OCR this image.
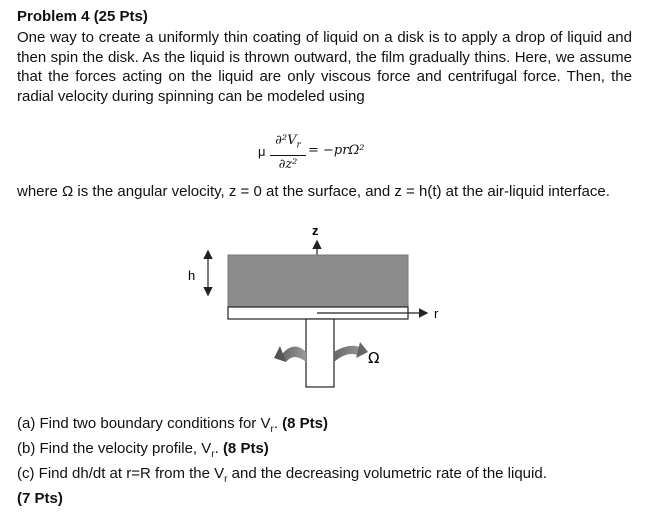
Problem 4 (25 Pts)
One way to create a uniformly thin coating of liquid on a disk is to apply a drop of liquid and then spin the disk. As the liquid is thrown outward, the film gradually thins. Here, we assume that the forces acting on the liquid are only viscous force and centrifugal force. Then, the radial velocity during spinning can be modeled using
μ $\frac{\partial^2V_r}{\text{∂z²}} = -pr\Omega^2$
where Ω is the angular velocity, z = 0 at the surface, and z = h(t) at the air-liquid interface.
z
r
h
Ω
(a) Find two boundary conditions for $V_r$. (8 Pts)
(b) Find the velocity profile, $V_r$. (8 Pts)
(c) Find dh/dt at r=R from the $V_r$ and the decreasing volumetric rate of the liquid.
(7 Pts)
